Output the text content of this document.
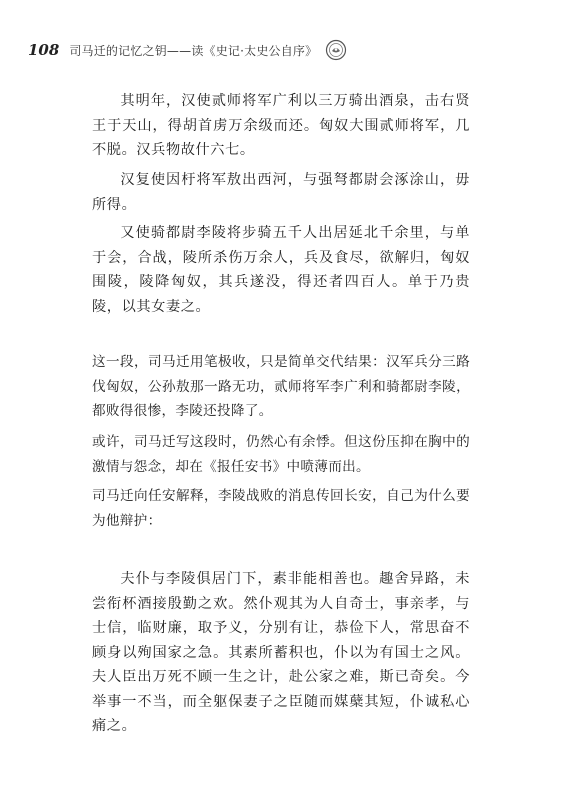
108 司马迁的记忆之钥——读《史记·太史公自序》

其明年，汉使贰师将军广利以三万骑出酒泉，击右贤王于天山，得胡首虏万余级而还。匈奴大围贰师将军，几不脱。汉兵物故什六七。

汉复使因杅将军敖出西河，与强弩都尉会涿涂山，毋所得。

又使骑都尉李陵将步骑五千人出居延北千余里，与单于会，合战，陵所杀伤万余人，兵及食尽，欲解归，匈奴围陵，陵降匈奴，其兵遂没，得还者四百人。单于乃贵陵，以其女妻之。

这一段，司马迁用笔极收，只是简单交代结果：汉军兵分三路伐匈奴，公孙敖那一路无功，贰师将军李广利和骑都尉李陵，都败得很惨，李陵还投降了。

或许，司马迁写这段时，仍然心有余悸。但这份压抑在胸中的激情与怨念，却在《报任安书》中喷薄而出。

司马迁向任安解释，李陵战败的消息传回长安，自己为什么要为他辩护：

夫仆与李陵俱居门下，素非能相善也。趣舍异路，未尝衔杯酒接殷勤之欢。然仆观其为人自奇士，事亲孝，与士信，临财廉，取予义，分别有让，恭俭下人，常思奋不顾身以殉国家之急。其素所蓄积也，仆以为有国士之风。夫人臣出万死不顾一生之计，赴公家之难，斯已奇矣。今举事一不当，而全躯保妻子之臣随而媒蘖其短，仆诚私心痛之。
